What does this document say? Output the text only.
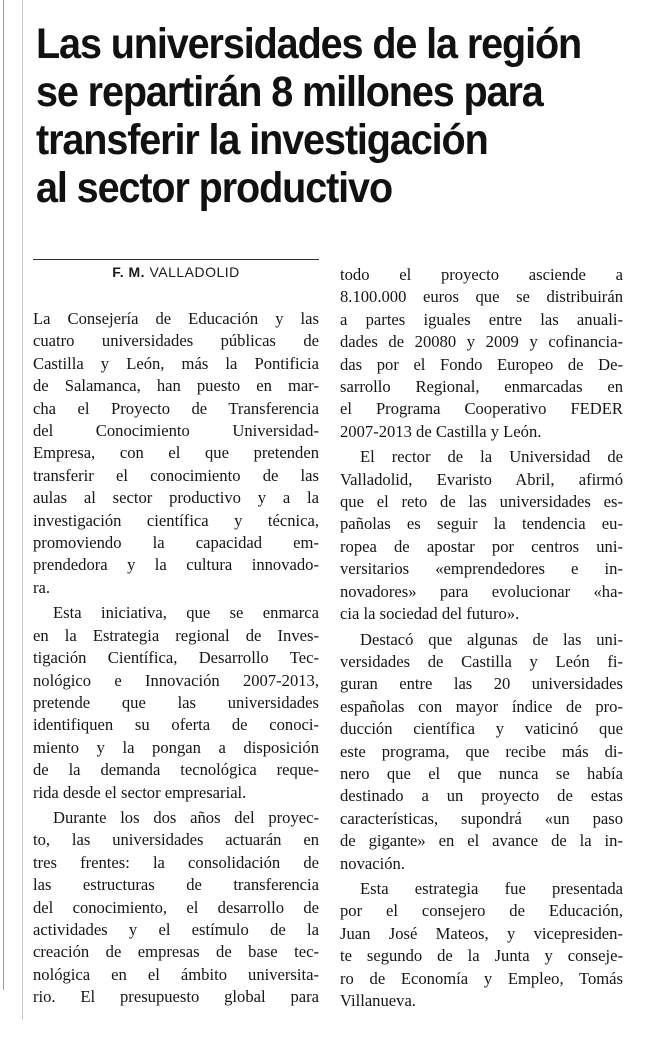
Las universidades de la región
se repartirán 8 millones para
transferir la investigación
al sector productivo
F. M. VALLADOLID

La Consejería de Educación y las
cuatro universidades públicas de
Castilla y León, más la Pontificia
de Salamanca, han puesto en mar-
cha el Proyecto de Transferencia
del Conocimiento Universidad-
Empresa, con el que pretenden
transferir el conocimiento de las
aulas al sector productivo y a la
investigación científica y técnica,
promoviendo la capacidad em-
prendedora y la cultura innovado-
ra.

Esta iniciativa, que se enmarca
en la Estrategia regional de Inves-
tigación Científica, Desarrollo Tec-
nológico e Innovación 2007-2013,
pretende que las universidades
identifiquen su oferta de conoci-
miento y la pongan a disposición
de la demanda tecnológica reque-
rida desde el sector empresarial.

Durante los dos años del proyec-
to, las universidades actuarán en
tres frentes: la consolidación de
las estructuras de transferencia
del conocimiento, el desarrollo de
actividades y el estímulo de la
creación de empresas de base tec-
nológica en el ámbito universita-
rio. El presupuesto global para

todo el proyecto asciende a
8.100.000 euros que se distribuirán
a partes iguales entre las anuali-
dades de 20080 y 2009 y cofinancia-
das por el Fondo Europeo de De-
sarrollo Regional, enmarcadas en
el Programa Cooperativo FEDER
2007-2013 de Castilla y León.

El rector de la Universidad de
Valladolid, Evaristo Abril, afirmó
que el reto de las universidades es-
pañolas es seguir la tendencia eu-
ropea de apostar por centros uni-
versitarios «emprendedores e in-
novadores» para evolucionar «ha-
cia la sociedad del futuro».

Destacó que algunas de las uni-
versidades de Castilla y León fi-
guran entre las 20 universidades
españolas con mayor índice de pro-
ducción científica y vaticinó que
este programa, que recibe más di-
nero que el que nunca se había
destinado a un proyecto de estas
características, supondrá «un paso
de gigante» en el avance de la in-
novación.

Esta estrategia fue presentada
por el consejero de Educación,
Juan José Mateos, y vicepresiden-
te segundo de la Junta y conseje-
ro de Economía y Empleo, Tomás
Villanueva.
